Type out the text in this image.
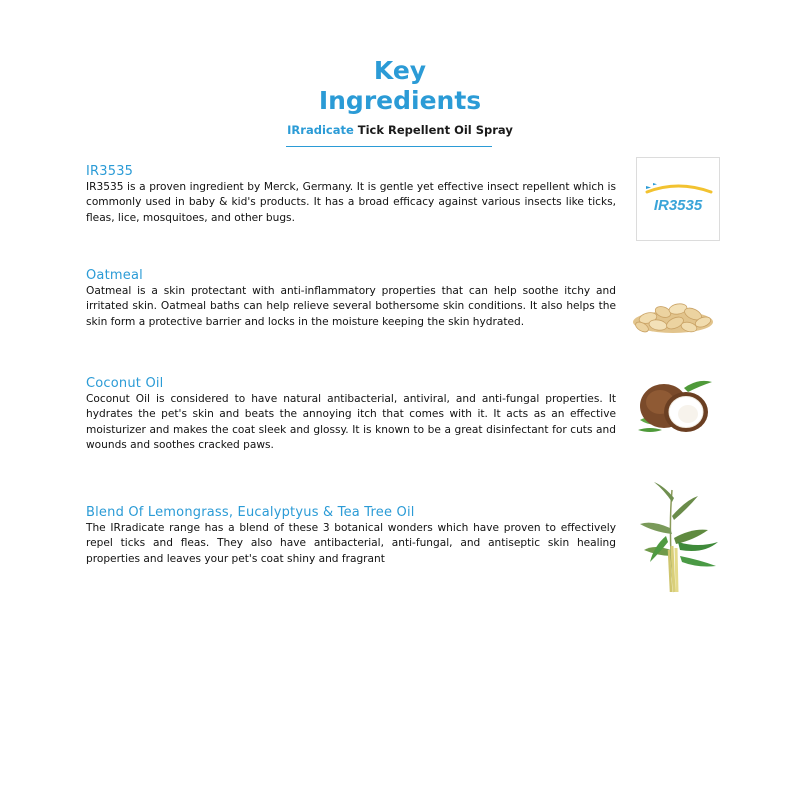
Key
Ingredients
IRradicate Tick Repellent Oil Spray
IR3535

IR3535 is a proven ingredient by Merck, Germany. It is gentle yet effective insect repellent which is commonly used in baby & kid's products. It has a broad efficacy against various insects like ticks, fleas, lice, mosquitoes, and other bugs.

IR3535
Oatmeal

Oatmeal is a skin protectant with anti-inflammatory properties that can help soothe itchy and irritated skin. Oatmeal baths can help relieve several bothersome skin conditions. It also helps the skin form a protective barrier and locks in the moisture keeping the skin hydrated.

Coconut Oil

Coconut Oil is considered to have natural antibacterial, antiviral, and anti-fungal properties. It hydrates the pet's skin and beats the annoying itch that comes with it. It acts as an effective moisturizer and makes the coat sleek and glossy. It is known to be a great disinfectant for cuts and wounds and soothes cracked paws.

Blend Of Lemongrass, Eucalyptyus & Tea Tree Oil

The IRradicate range has a blend of these 3 botanical wonders which have proven to effectively repel ticks and fleas. They also have antibacterial, anti-fungal, and antiseptic skin healing properties and leaves your pet's coat shiny and fragrant
